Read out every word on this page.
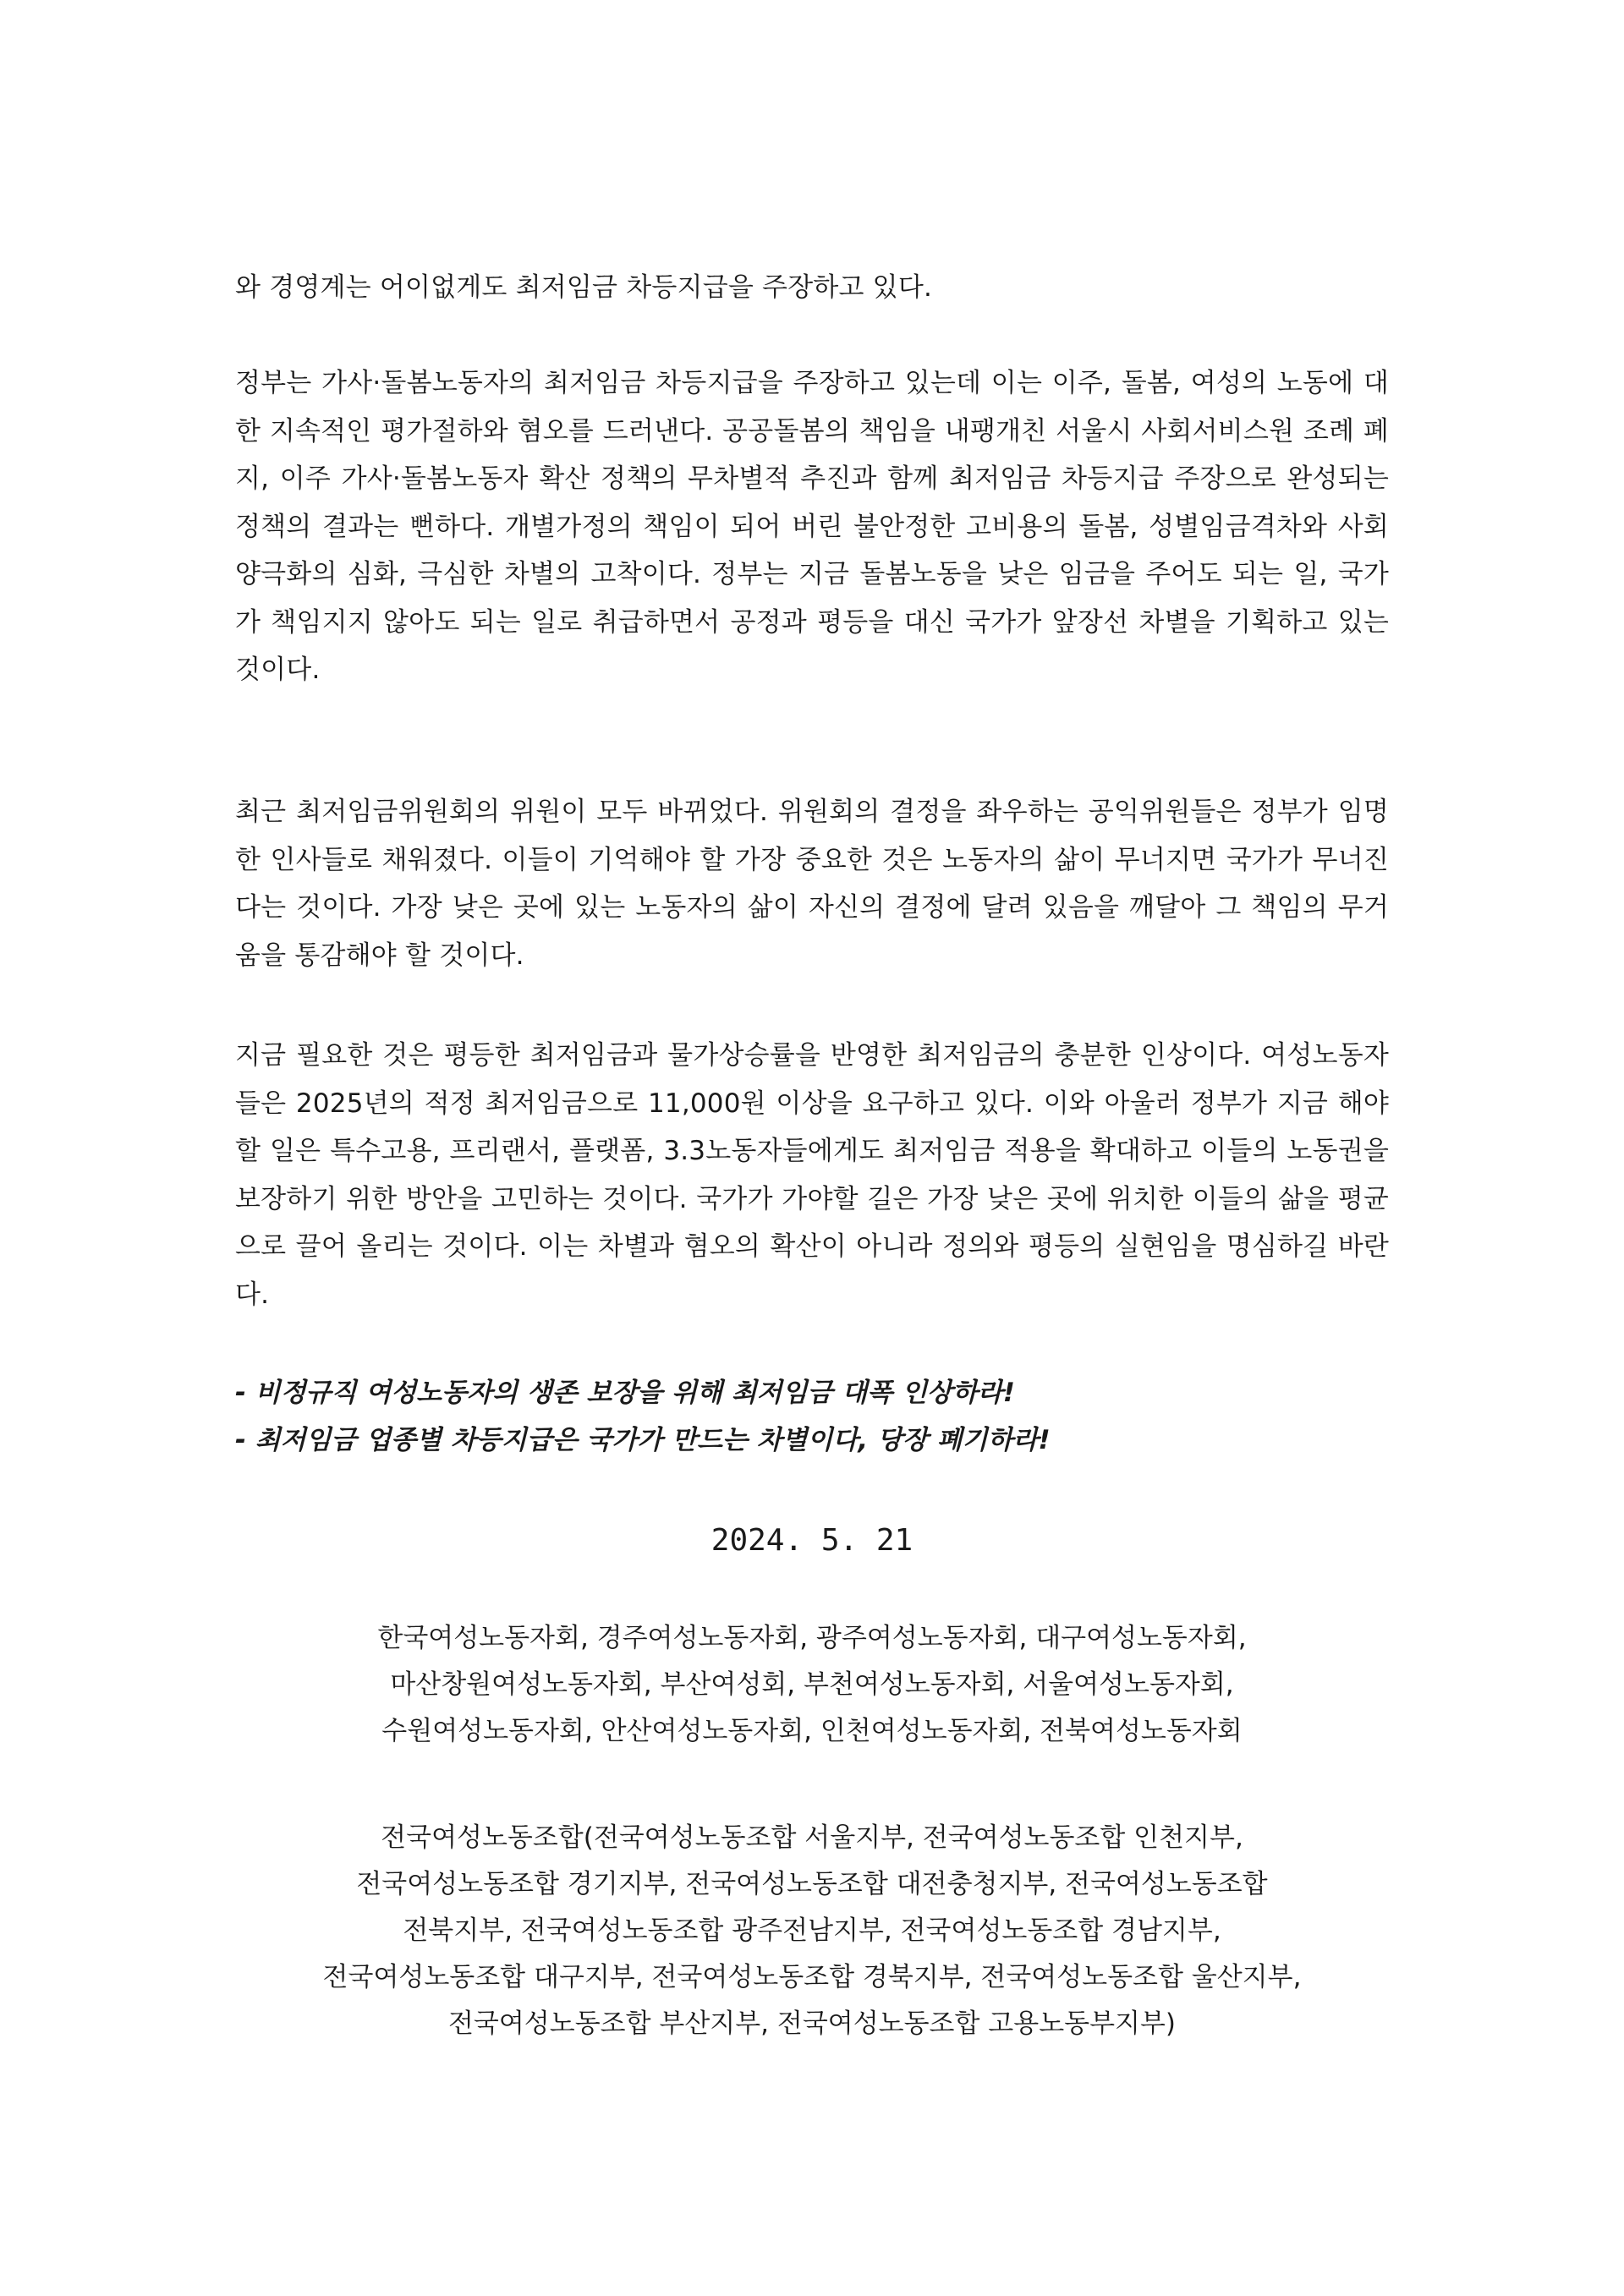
와 경영계는 어이없게도 최저임금 차등지급을 주장하고 있다.

정부는 가사·돌봄노동자의 최저임금 차등지급을 주장하고 있는데 이는 이주, 돌봄, 여성의 노동에 대한 지속적인 평가절하와 혐오를 드러낸다. 공공돌봄의 책임을 내팽개친 서울시 사회서비스원 조례 폐지, 이주 가사·돌봄노동자 확산 정책의 무차별적 추진과 함께 최저임금 차등지급 주장으로 완성되는 정책의 결과는 뻔하다. 개별가정의 책임이 되어 버린 불안정한 고비용의 돌봄, 성별임금격차와 사회양극화의 심화, 극심한 차별의 고착이다. 정부는 지금 돌봄노동을 낮은 임금을 주어도 되는 일, 국가가 책임지지 않아도 되는 일로 취급하면서 공정과 평등을 대신 국가가 앞장선 차별을 기획하고 있는 것이다.

최근 최저임금위원회의 위원이 모두 바뀌었다. 위원회의 결정을 좌우하는 공익위원들은 정부가 임명한 인사들로 채워졌다. 이들이 기억해야 할 가장 중요한 것은 노동자의 삶이 무너지면 국가가 무너진다는 것이다. 가장 낮은 곳에 있는 노동자의 삶이 자신의 결정에 달려 있음을 깨달아 그 책임의 무거움을 통감해야 할 것이다.

지금 필요한 것은 평등한 최저임금과 물가상승률을 반영한 최저임금의 충분한 인상이다. 여성노동자들은 2025년의 적정 최저임금으로 11,000원 이상을 요구하고 있다. 이와 아울러 정부가 지금 해야 할 일은 특수고용, 프리랜서, 플랫폼, 3.3노동자들에게도 최저임금 적용을 확대하고 이들의 노동권을 보장하기 위한 방안을 고민하는 것이다. 국가가 가야할 길은 가장 낮은 곳에 위치한 이들의 삶을 평균으로 끌어 올리는 것이다. 이는 차별과 혐오의 확산이 아니라 정의와 평등의 실현임을 명심하길 바란다.

- 비정규직 여성노동자의 생존 보장을 위해 최저임금 대폭 인상하라!
- 최저임금 업종별 차등지급은 국가가 만드는 차별이다, 당장 폐기하라!
2024. 5. 21
한국여성노동자회, 경주여성노동자회, 광주여성노동자회, 대구여성노동자회,
마산창원여성노동자회, 부산여성회, 부천여성노동자회, 서울여성노동자회,
수원여성노동자회, 안산여성노동자회, 인천여성노동자회, 전북여성노동자회
전국여성노동조합(전국여성노동조합 서울지부, 전국여성노동조합 인천지부,
전국여성노동조합 경기지부, 전국여성노동조합 대전충청지부, 전국여성노동조합
전북지부, 전국여성노동조합 광주전남지부, 전국여성노동조합 경남지부,
전국여성노동조합 대구지부, 전국여성노동조합 경북지부, 전국여성노동조합 울산지부,
전국여성노동조합 부산지부, 전국여성노동조합 고용노동부지부)
